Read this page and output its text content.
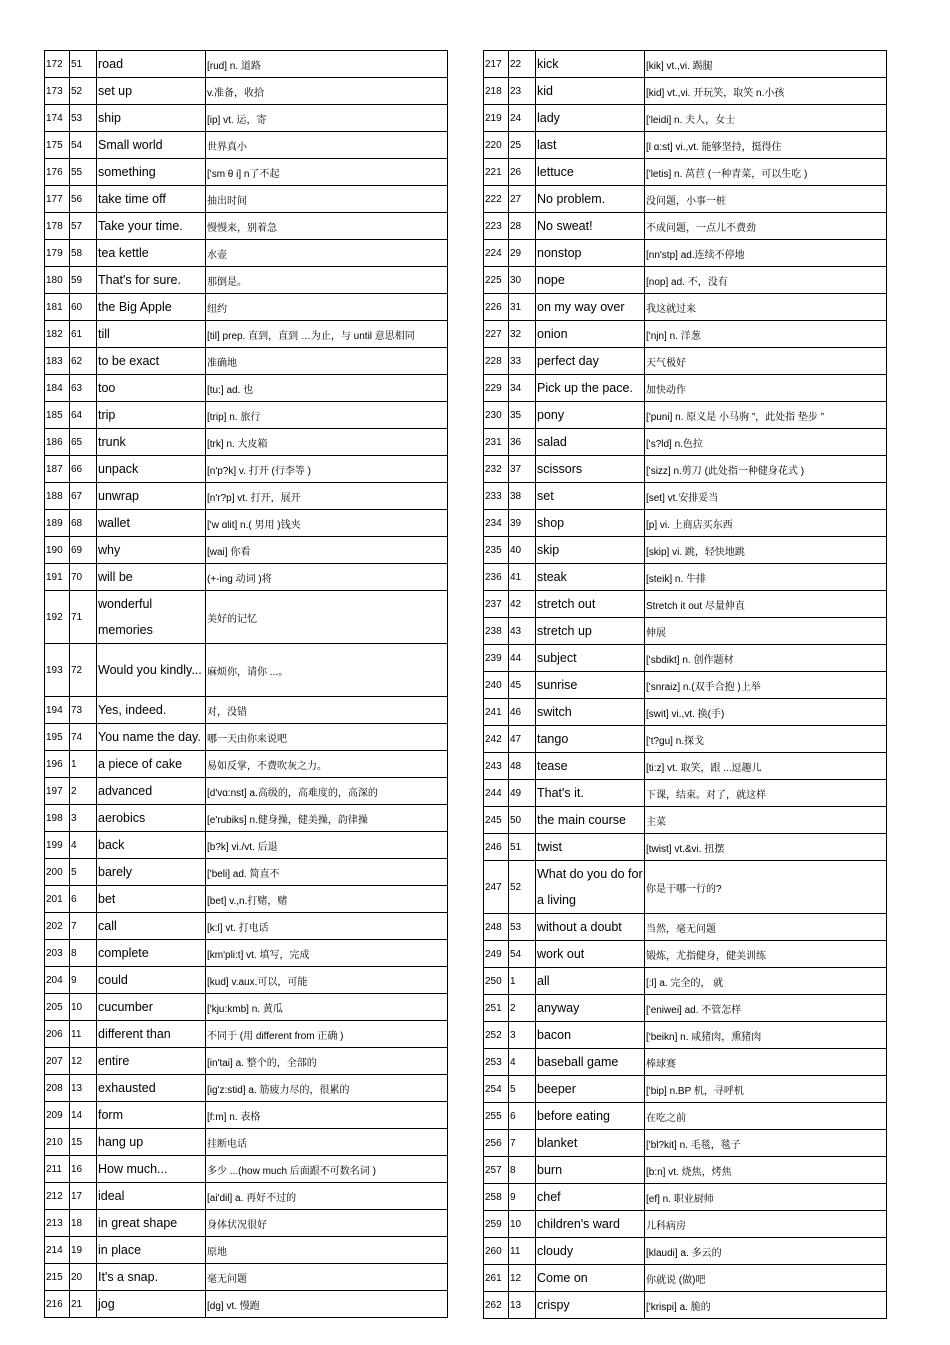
172	51	road	[rud] n. 道路
173	52	set up	v.准备，收拾
174	53	ship	[ip] vt. 运，寄
175	54	Small world	世界真小
176	55	something	['sm θ i] n了不起
177	56	take time off	抽出时间
178	57	Take your time.	慢慢来，别着急
179	58	tea kettle	水壶
180	59	That's for sure.	那倒是。
181	60	the Big Apple	纽约
182	61	till	[til] prep. 直到，直到 …为止，与 until 意思相同
183	62	to be exact	准确地
184	63	too	[tu:] ad. 也
185	64	trip	[trip] n. 旅行
186	65	trunk	[trk] n. 大皮箱
187	66	unpack	[n'p?k] v. 打开 (行李等 )
188	67	unwrap	[n'r?p] vt. 打开，展开
189	68	wallet	['w ɑlit] n.( 男用 )钱夹
190	69	why	[wai] 你看
191	70	will be	(+-ing 动词 )将
192	71	wonderful memories	美好的记忆
193	72	Would you kindly...	麻烦你，请你 ...。
194	73	Yes, indeed.	对，没错
195	74	You name the day.	哪一天由你来说吧
196	1	a piece of cake	易如反掌，不费吹灰之力。
197	2	advanced	[d'vɑ:nst] a.高级的，高难度的，高深的
198	3	aerobics	[e'rubiks] n.健身操，健美操，韵律操
199	4	back	[b?k] vi./vt. 后退
200	5	barely	['beli] ad. 简直不
201	6	bet	[bet] v.,n.打赌，赌
202	7	call	[k:l] vt. 打电话
203	8	complete	[km'pli:t] vt. 填写，完成
204	9	could	[kud] v.aux.可以，可能
205	10	cucumber	['kju:kmb] n. 黄瓜
206	11	different than	不同于 (用 different from 正确 )
207	12	entire	[in'tai] a. 整个的，全部的
208	13	exhausted	[ig'z:stid] a. 筋疲力尽的，很累的
209	14	form	[f:m] n. 表格
210	15	hang up	挂断电话
211	16	How much...	多少 ...(how much 后面跟不可数名词 )
212	17	ideal	[ai'dil] a. 再好不过的
213	18	in great shape	身体状况很好
214	19	in place	原地
215	20	It's a snap.	毫无问题
216	21	jog	[dg] vt. 慢跑
217	22	kick	[kik] vt.,vi. 踢腿
218	23	kid	[kid] vt.,vi. 开玩笑，取笑 n.小孩
219	24	lady	['leidi] n. 夫人，女士
220	25	last	[l ɑ:st] vi.,vt. 能够坚持，挺得住
221	26	lettuce	['letis] n. 莴苣 (一种青菜，可以生吃 )
222	27	No problem.	没问题，小事一桩
223	28	No sweat!	不成问题，一点儿不费劲
224	29	nonstop	[nn'stp] ad.连续不停地
225	30	nope	[nop] ad. 不，没有
226	31	on my way over	我这就过来
227	32	onion	['njn] n. 洋葱
228	33	perfect day	天气极好
229	34	Pick up the pace.	加快动作
230	35	pony	['puni] n. 原义是 小马驹 ”，此处指 垫步 ”
231	36	salad	['s?ld] n.色拉
232	37	scissors	['sizz] n.剪刀 (此处指一种健身花式 )
233	38	set	[set] vt.安排妥当
234	39	shop	[p] vi. 上商店买东西
235	40	skip	[skip] vi. 跳，轻快地跳
236	41	steak	[steik] n. 牛排
237	42	stretch out	Stretch it out 尽量伸直
238	43	stretch up	伸展
239	44	subject	['sbdikt] n. 创作题材
240	45	sunrise	['snraiz] n.(双手合抱 )上举
241	46	switch	[swit] vi.,vt. 换(手)
242	47	tango	['t?gu] n.探戈
243	48	tease	[ti:z] vt. 取笑，跟 ...逗趣儿
244	49	That's it.	下课，结束。对了，就这样
245	50	the main course	主菜
246	51	twist	[twist] vt.&vi. 扭摆
247	52	What do you do for a living	你是干哪一行的?
248	53	without a doubt	当然，毫无问题
249	54	work out	锻炼，尤指健身，健美训练
250	1	all	[:l] a. 完全的， 就
251	2	anyway	['eniwei] ad. 不管怎样
252	3	bacon	['beikn] n. 咸猪肉，熏猪肉
253	4	baseball game	棒球赛
254	5	beeper	['bip] n.BP 机，寻呼机
255	6	before eating	在吃之前
256	7	blanket	['bl?kit] n. 毛毯，毯子
257	8	burn	[b:n] vt. 烧焦，烤焦
258	9	chef	[ef] n. 职业厨师
259	10	children's ward	儿科病房
260	11	cloudy	[klaudi] a. 多云的
261	12	Come on	你就说 (做)吧
262	13	crispy	['krispi] a. 脆的
